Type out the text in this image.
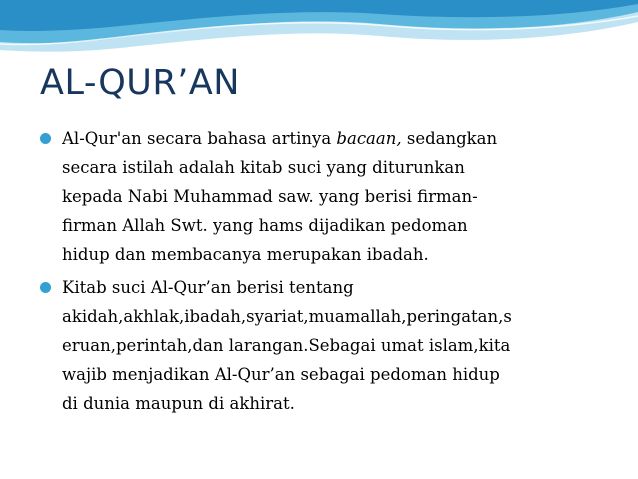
AL-QUR’AN
Al-Qur'an secara bahasa artinya bacaan, sedangkan
secara istilah adalah kitab suci yang diturunkan
kepada Nabi Muhammad saw. yang berisi firman-
firman Allah Swt. yang hams dijadikan pedoman
hidup dan membacanya merupakan ibadah.
Kitab suci Al-Qur’an berisi tentang
akidah,akhlak,ibadah,syariat,muamallah,peringatan,s
eruan,perintah,dan larangan.Sebagai umat islam,kita
wajib menjadikan Al-Qur’an sebagai pedoman hidup
di dunia maupun di akhirat.
